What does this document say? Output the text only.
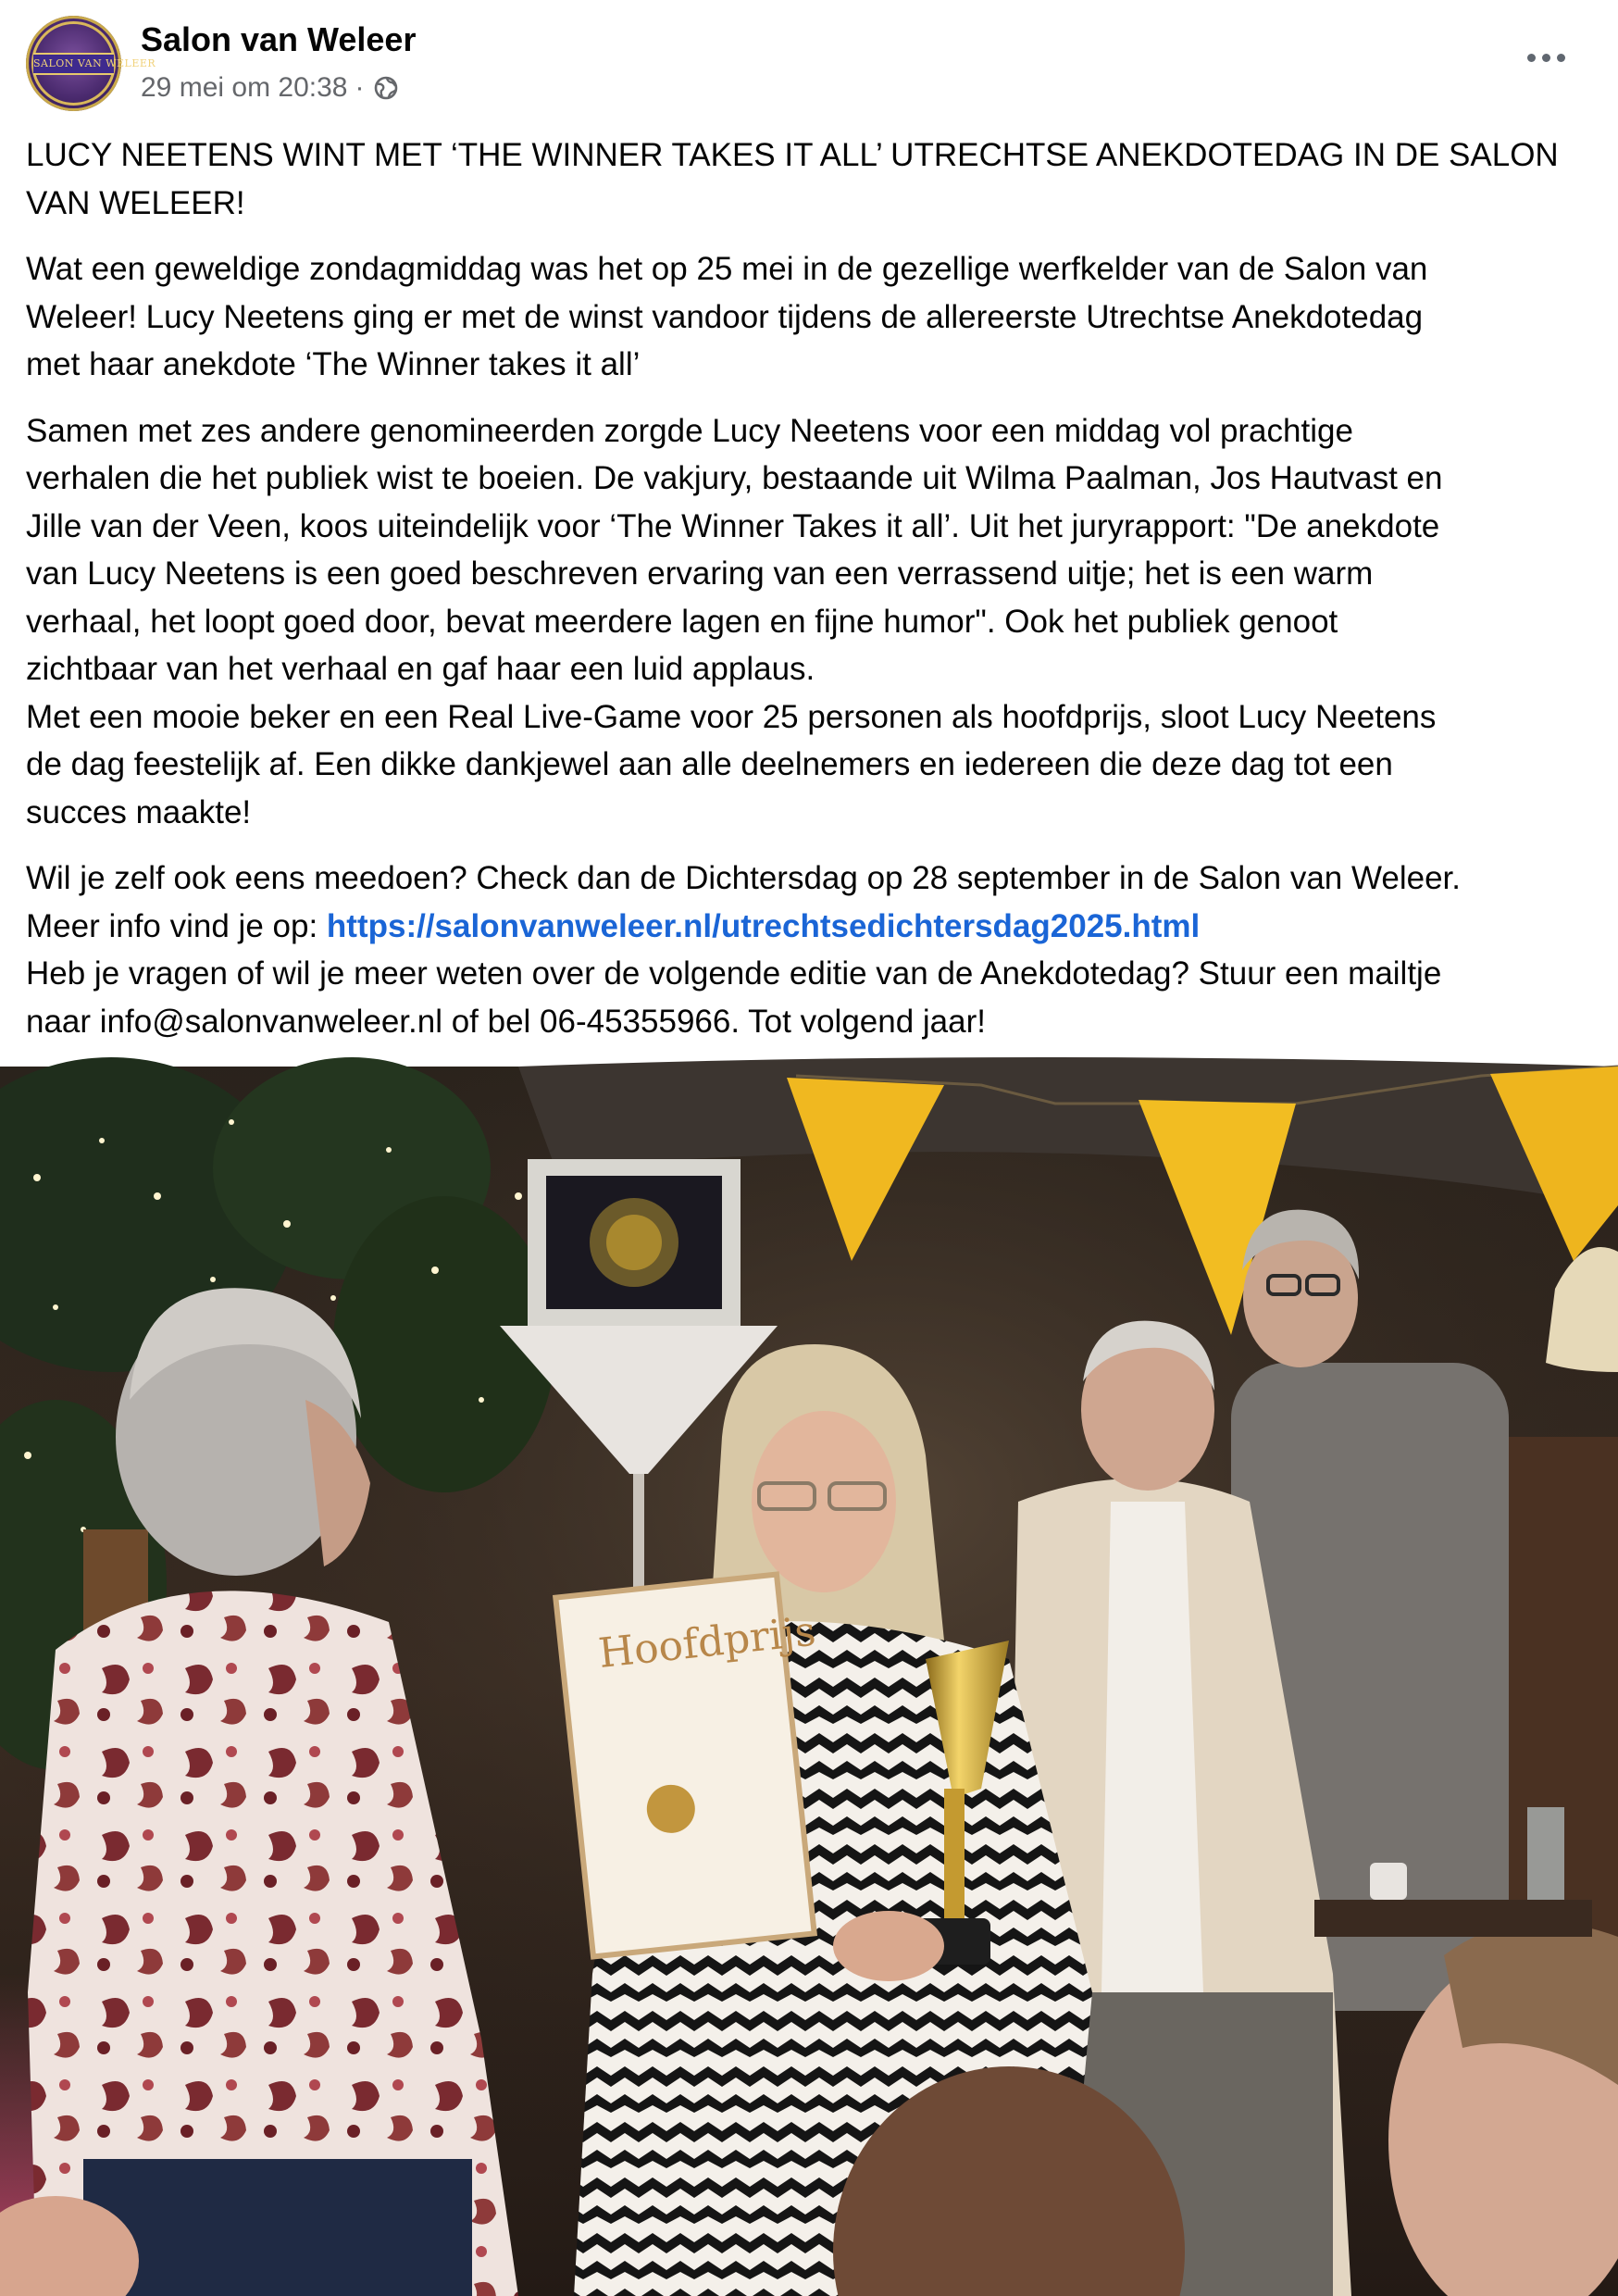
SALON VAN WELEER
Salon van Weleer
29 mei om 20:38 ·

LUCY NEETENS WINT MET ‘THE WINNER TAKES IT ALL’ UTRECHTSE ANEKDOTEDAG IN DE SALON
VAN WELEER!

Wat een geweldige zondagmiddag was het op 25 mei in de gezellige werfkelder van de Salon van
Weleer! Lucy Neetens ging er met de winst vandoor tijdens de allereerste Utrechtse Anekdotedag
met haar anekdote ‘The Winner takes it all’

Samen met zes andere genomineerden zorgde Lucy Neetens voor een middag vol prachtige
verhalen die het publiek wist te boeien. De vakjury, bestaande uit Wilma Paalman, Jos Hautvast en
Jille van der Veen, koos uiteindelijk voor ‘The Winner Takes it all’. Uit het juryrapport: "De anekdote
van Lucy Neetens is een goed beschreven ervaring van een verrassend uitje; het is een warm
verhaal, het loopt goed door, bevat meerdere lagen en fijne humor". Ook het publiek genoot
zichtbaar van het verhaal en gaf haar een luid applaus.
Met een mooie beker en een Real Live-Game voor 25 personen als hoofdprijs, sloot Lucy Neetens
de dag feestelijk af. Een dikke dankjewel aan alle deelnemers en iedereen die deze dag tot een
succes maakte!

Wil je zelf ook eens meedoen? Check dan de Dichtersdag op 28 september in de Salon van Weleer.
Meer info vind je op: https://salonvanweleer.nl/utrechtsedichtersdag2025.html
Heb je vragen of wil je meer weten over de volgende editie van de Anekdotedag? Stuur een mailtje
naar info@salonvanweleer.nl of bel 06-45355966. Tot volgend jaar!

Hoofdprijs
